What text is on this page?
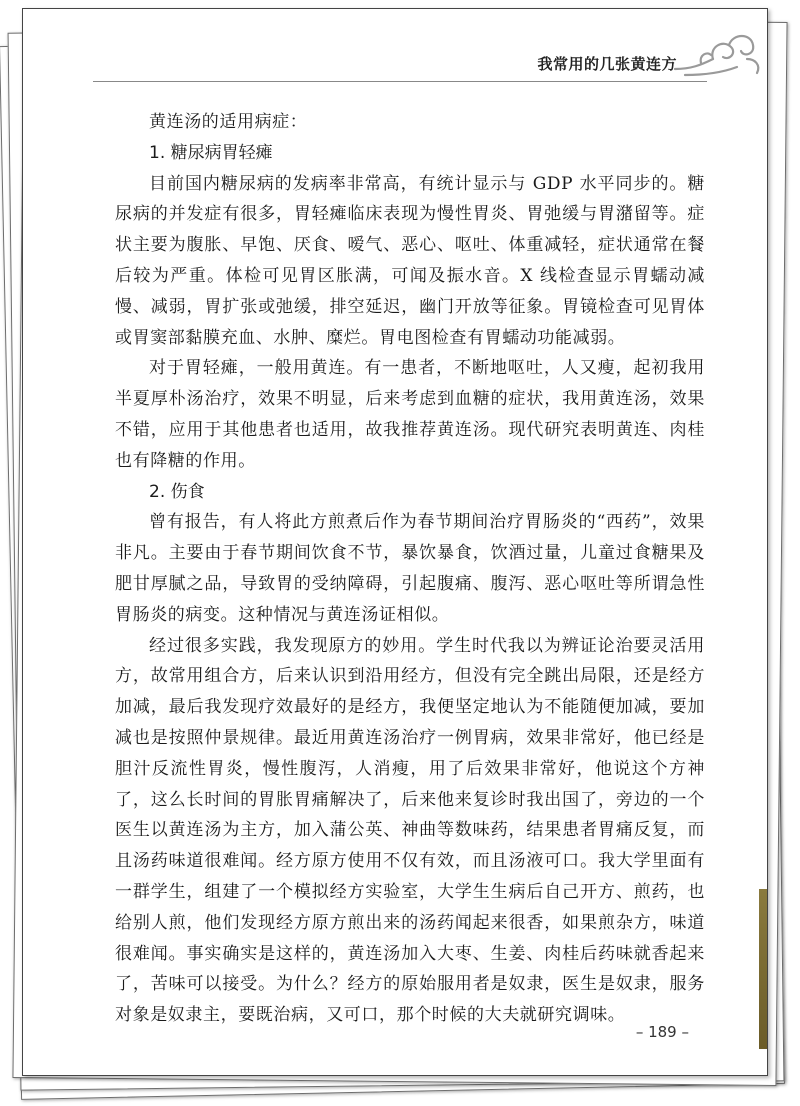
我常用的几张黄连方

黄连汤的适用病症：

1. 糖尿病胃轻瘫

目前国内糖尿病的发病率非常高，有统计显示与 GDP 水平同步的。糖尿病的并发症有很多，胃轻瘫临床表现为慢性胃炎、胃弛缓与胃潴留等。症状主要为腹胀、早饱、厌食、嗳气、恶心、呕吐、体重减轻，症状通常在餐后较为严重。体检可见胃区胀满，可闻及振水音。X 线检查显示胃蠕动减慢、减弱，胃扩张或弛缓，排空延迟，幽门开放等征象。胃镜检查可见胃体或胃窦部黏膜充血、水肿、糜烂。胃电图检查有胃蠕动功能减弱。

对于胃轻瘫，一般用黄连。有一患者，不断地呕吐，人又瘦，起初我用半夏厚朴汤治疗，效果不明显，后来考虑到血糖的症状，我用黄连汤，效果不错，应用于其他患者也适用，故我推荐黄连汤。现代研究表明黄连、肉桂也有降糖的作用。

2. 伤食

曾有报告，有人将此方煎煮后作为春节期间治疗胃肠炎的“西药”，效果非凡。主要由于春节期间饮食不节，暴饮暴食，饮酒过量，儿童过食糖果及肥甘厚腻之品，导致胃的受纳障碍，引起腹痛、腹泻、恶心呕吐等所谓急性胃肠炎的病变。这种情况与黄连汤证相似。

经过很多实践，我发现原方的妙用。学生时代我以为辨证论治要灵活用方，故常用组合方，后来认识到沿用经方，但没有完全跳出局限，还是经方加减，最后我发现疗效最好的是经方，我便坚定地认为不能随便加减，要加减也是按照仲景规律。最近用黄连汤治疗一例胃病，效果非常好，他已经是胆汁反流性胃炎，慢性腹泻，人消瘦，用了后效果非常好，他说这个方神了，这么长时间的胃胀胃痛解决了，后来他来复诊时我出国了，旁边的一个医生以黄连汤为主方，加入蒲公英、神曲等数味药，结果患者胃痛反复，而且汤药味道很难闻。经方原方使用不仅有效，而且汤液可口。我大学里面有一群学生，组建了一个模拟经方实验室，大学生生病后自己开方、煎药，也给别人煎，他们发现经方原方煎出来的汤药闻起来很香，如果煎杂方，味道很难闻。事实确实是这样的，黄连汤加入大枣、生姜、肉桂后药味就香起来了，苦味可以接受。为什么？经方的原始服用者是奴隶，医生是奴隶，服务对象是奴隶主，要既治病，又可口，那个时候的大夫就研究调味。

– 189 –
